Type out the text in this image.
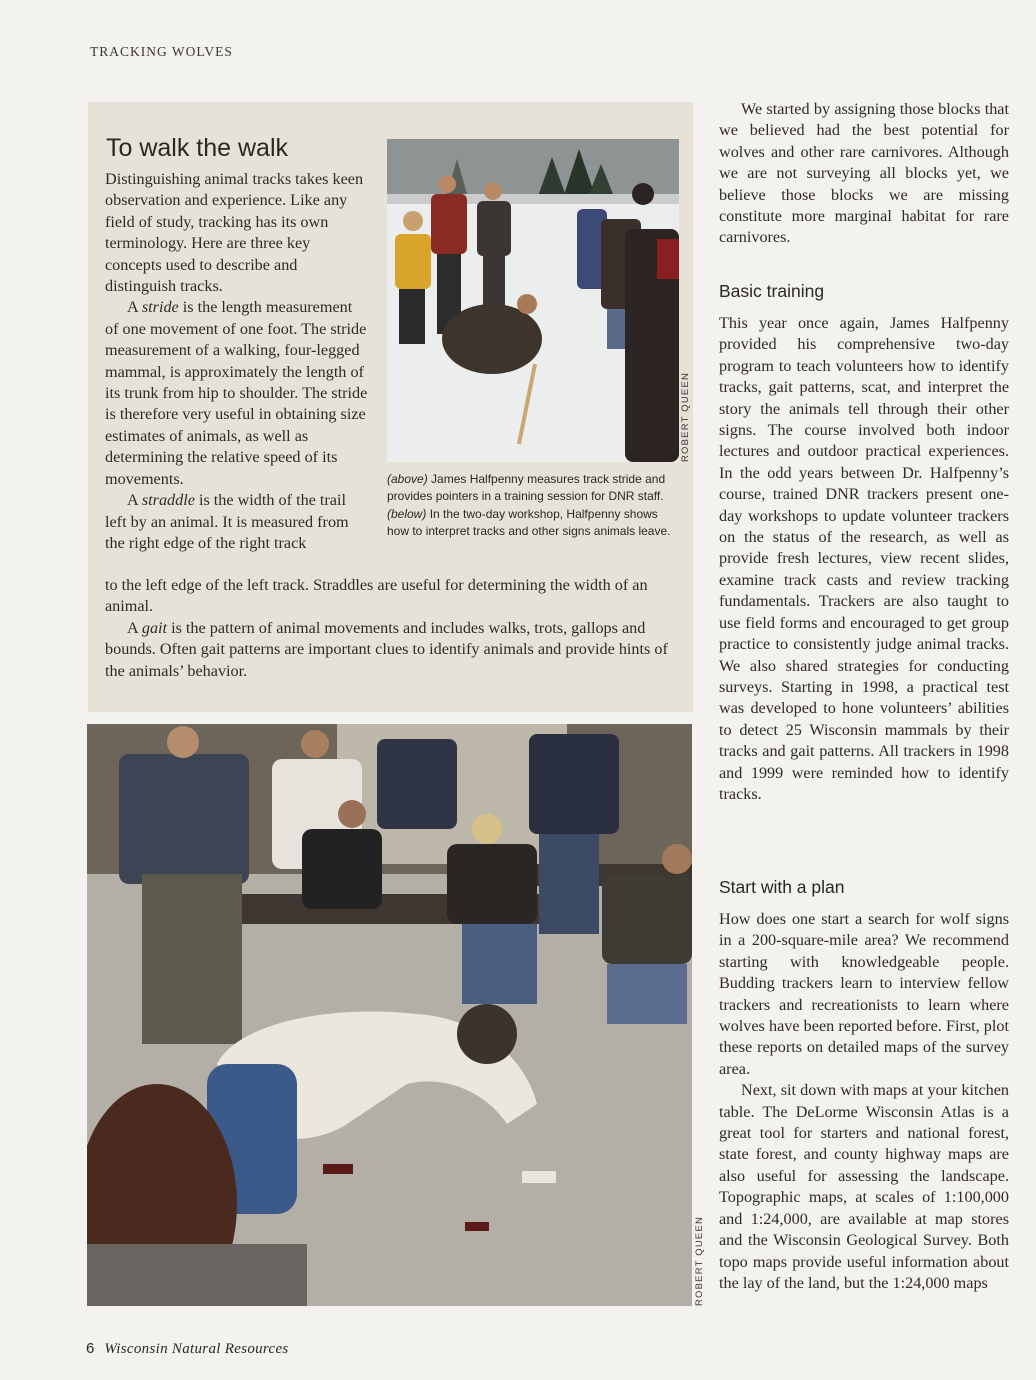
TRACKING WOLVES
To walk the walk

Distinguishing animal tracks takes keen observation and experience. Like any field of study, tracking has its own terminology. Here are three key concepts used to describe and distinguish tracks.

A stride is the length measurement of one movement of one foot. The stride measurement of a walking, four-legged mammal, is approximately the length of its trunk from hip to shoulder. The stride is therefore very useful in obtaining size estimates of animals, as well as determining the relative speed of its movements.

A straddle is the width of the trail left by an animal. It is measured from the right edge of the right track

to the left edge of the left track. Straddles are useful for determining the width of an animal.

A gait is the pattern of animal movements and includes walks, trots, gallops and bounds. Often gait patterns are important clues to identify animals and provide hints of the animals’ behavior.

ROBERT QUEEN
(above) James Halfpenny measures track stride and provides pointers in a training session for DNR staff.
(below) In the two-day workshop, Halfpenny shows how to interpret tracks and other signs animals leave.
ROBERT QUEEN

We started by assigning those blocks that we believed had the best potential for wolves and other rare carnivores. Although we are not surveying all blocks yet, we believe those blocks we are missing constitute more marginal habitat for rare carnivores.

Basic training

This year once again, James Halfpenny provided his comprehensive two-day program to teach volunteers how to identify tracks, gait patterns, scat, and interpret the story the animals tell through their other signs. The course involved both indoor lectures and outdoor practical experiences. In the odd years between Dr. Halfpenny’s course, trained DNR trackers present one-day workshops to update volunteer trackers on the status of the research, as well as provide fresh lectures, view recent slides, examine track casts and review tracking fundamentals. Trackers are also taught to use field forms and encouraged to get group practice to consistently judge animal tracks. We also shared strategies for conducting surveys. Starting in 1998, a practical test was developed to hone volunteers’ abilities to detect 25 Wisconsin mammals by their tracks and gait patterns. All trackers in 1998 and 1999 were reminded how to identify tracks.

Start with a plan

How does one start a search for wolf signs in a 200-square-mile area? We recommend starting with knowledgeable people. Budding trackers learn to interview fellow trackers and recreationists to learn where wolves have been reported before. First, plot these reports on detailed maps of the survey area.

Next, sit down with maps at your kitchen table. The DeLorme Wisconsin Atlas is a great tool for starters and national forest, state forest, and county highway maps are also useful for assessing the landscape. Topographic maps, at scales of 1:100,000 and 1:24,000, are available at map stores and the Wisconsin Geological Survey. Both topo maps provide useful information about the lay of the land, but the 1:24,000 maps

6 Wisconsin Natural Resources
